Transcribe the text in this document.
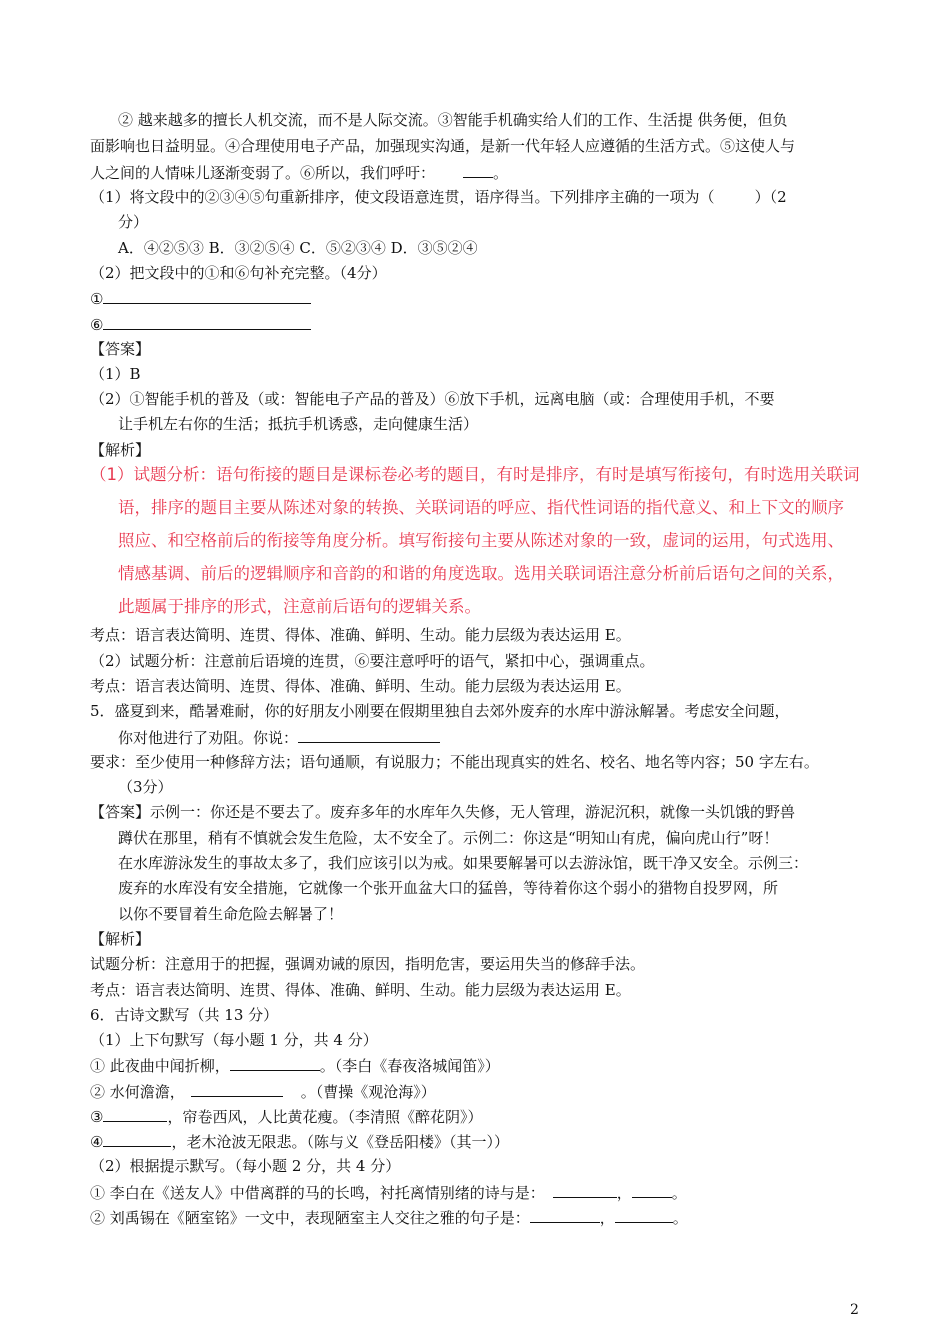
② 越来越多的擅长人机交流，而不是人际交流。③智能手机确实给人们的工作、生活提 供务便，但负
面影响也日益明显。④合理使用电子产品，加强现实沟通，是新一代年轻人应遵循的生活方式。⑤这使人与
人之间的人情味儿逐渐变弱了。⑥所以，我们呼吁：	。
（1）将文段中的②③④⑤句重新排序，使文段语意连贯，语序得当。下列排序主确的一项为（	）（2
分）
A．④②⑤③ B．③②⑤④ C．⑤②③④ D．③⑤②④
（2）把文段中的①和⑥句补充完整。（4分）
①
⑥
【答案】
（1）B
（2）①智能手机的普及（或：智能电子产品的普及）⑥放下手机，远离电脑（或：合理使用手机，不要
让手机左右你的生活；抵抗手机诱惑，走向健康生活）
【解析】
（1）试题分析：语句衔接的题目是课标卷必考的题目，有时是排序，有时是填写衔接句，有时选用关联词
语，排序的题目主要从陈述对象的转换、关联词语的呼应、指代性词语的指代意义、和上下文的顺序
照应、和空格前后的衔接等角度分析。填写衔接句主要从陈述对象的一致，虚词的运用，句式选用、
情感基调、前后的逻辑顺序和音韵的和谐的角度选取。选用关联词语注意分析前后语句之间的关系，
此题属于排序的形式，注意前后语句的逻辑关系。
考点：语言表达简明、连贯、得体、准确、鲜明、生动。能力层级为表达运用 E。
（2）试题分析：注意前后语境的连贯，⑥要注意呼吁的语气，紧扣中心，强调重点。
考点：语言表达简明、连贯、得体、准确、鲜明、生动。能力层级为表达运用 E。
5．盛夏到来，酷暑难耐，你的好朋友小刚要在假期里独自去郊外废弃的水库中游泳解暑。考虑安全问题，
你对他进行了劝阻。你说：
要求：至少使用一种修辞方法；语句通顺，有说服力；不能出现真实的姓名、校名、地名等内容；50 字左右。
（3分）
【答案】示例一：你还是不要去了。废弃多年的水库年久失修，无人管理，游泥沉积，就像一头饥饿的野兽
蹲伏在那里，稍有不慎就会发生危险，太不安全了。示例二：你这是“明知山有虎，偏向虎山行”呀！
在水库游泳发生的事故太多了，我们应该引以为戒。如果要解暑可以去游泳馆，既干净又安全。示例三：
废弃的水库没有安全措施，它就像一个张开血盆大口的猛兽，等待着你这个弱小的猎物自投罗网，所
以你不要冒着生命危险去解暑了！
【解析】
试题分析：注意用于的把握，强调劝诫的原因，指明危害，要运用失当的修辞手法。
考点：语言表达简明、连贯、得体、准确、鲜明、生动。能力层级为表达运用 E。
6．古诗文默写（共 13 分）
（1）上下句默写（每小题 1 分，共 4 分）
① 此夜曲中闻折柳，	。（李白《春夜洛城闻笛》）
② 水何澹澹，	。（曹操《观沧海》）
③	，帘卷西风，人比黄花瘦。（李清照《醉花阴》）
④	，老木沧波无限悲。（陈与义《登岳阳楼》（其一））
（2）根据提示默写。（每小题 2 分，共 4 分）
① 李白在《送友人》中借离群的马的长鸣，衬托离情别绪的诗与是：	，	。
② 刘禹锡在《陋室铭》一文中，表现陋室主人交往之雅的句子是：	，	。
2
